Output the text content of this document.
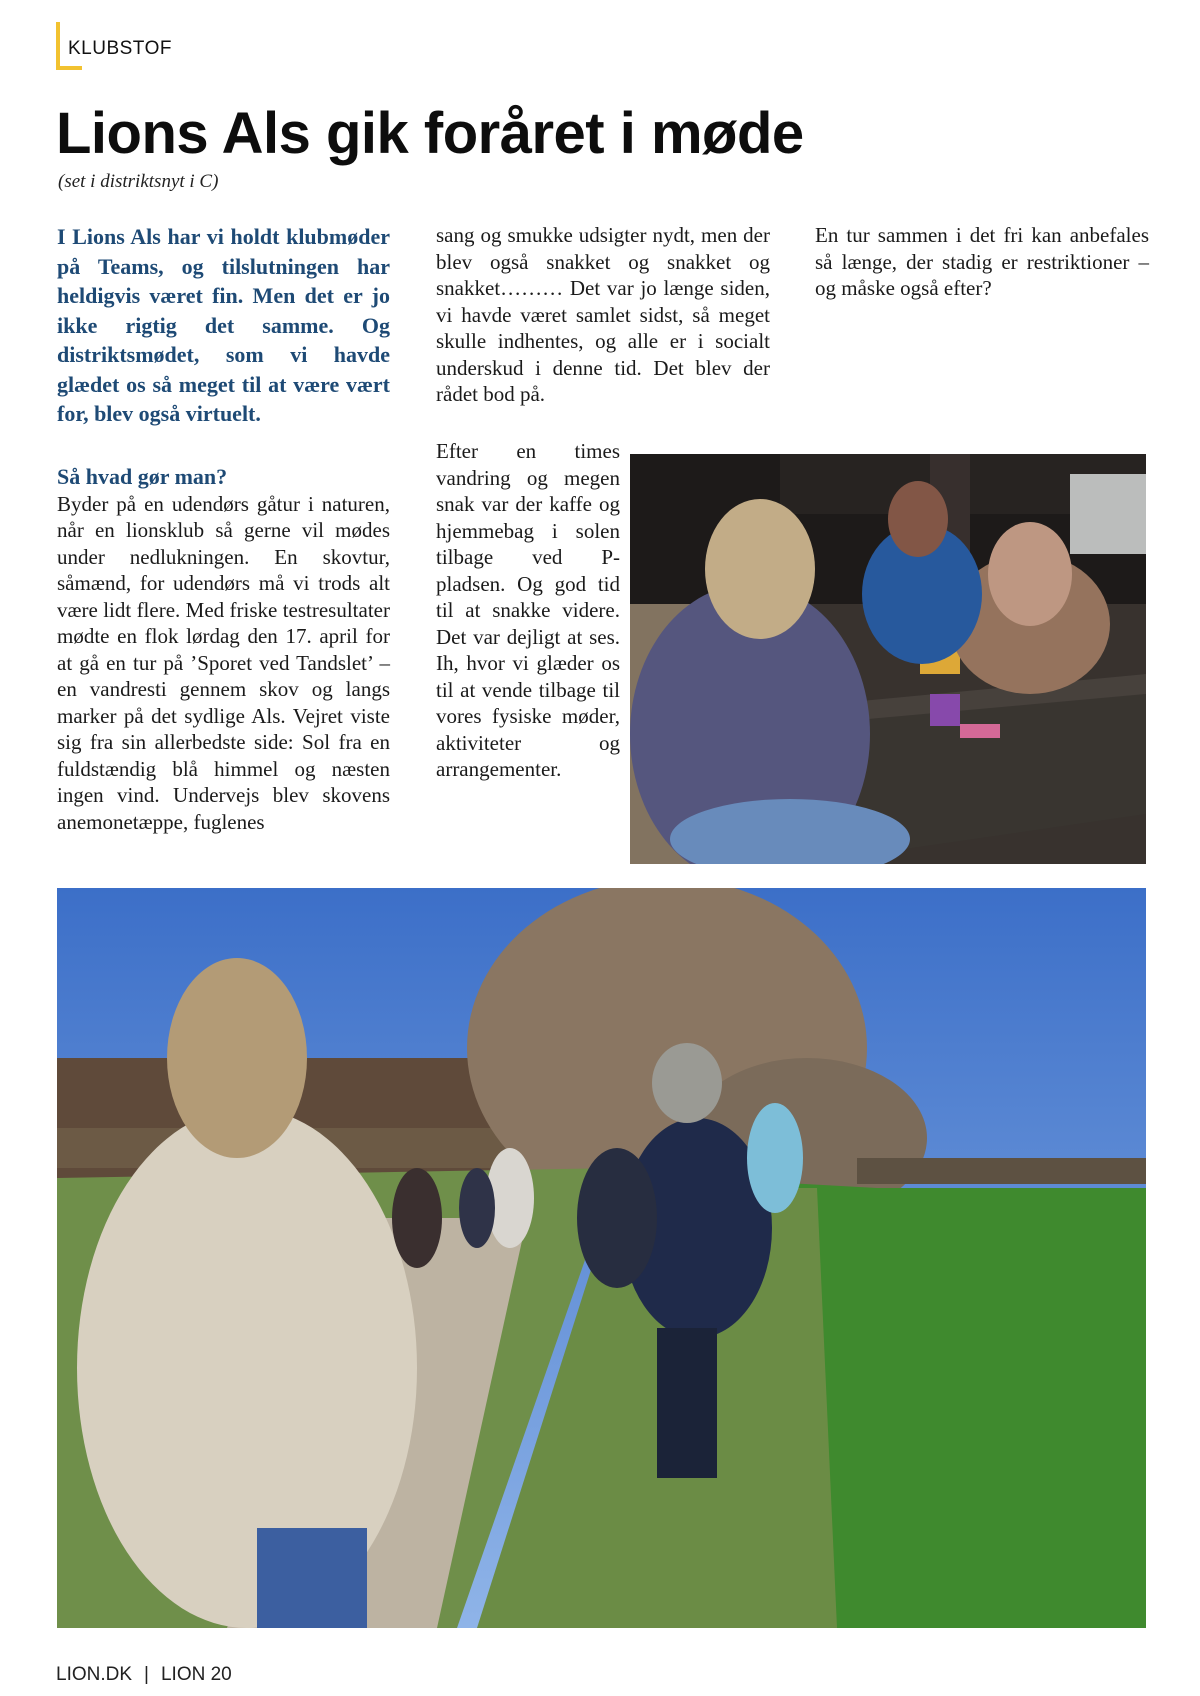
KLUBSTOF
Lions Als gik foråret i møde
(set i distriktsnyt i C)

I Lions Als har vi holdt klubmøder på Teams, og tilslutningen har heldigvis været fin. Men det er jo ikke rigtig det samme. Og distriktsmødet, som vi havde glædet os så meget til at være vært for, blev også virtuelt.

Så hvad gør man?

Byder på en udendørs gåtur i naturen, når en lionsklub så gerne vil mødes under nedlukningen. En skovtur, såmænd, for udendørs må vi trods alt være lidt flere. Med friske testresultater mødte en flok lørdag den 17. april for at gå en tur på ’Sporet ved Tandslet’ – en vandresti gennem skov og langs marker på det sydlige Als. Vejret viste sig fra sin allerbedste side: Sol fra en fuldstændig blå himmel og næsten ingen vind. Undervejs blev skovens anemonetæppe, fuglenes

sang og smukke udsigter nydt, men der blev også snakket og snakket og snakket……… Det var jo længe siden, vi havde været samlet sidst, så meget skulle indhentes, og alle er i socialt underskud i denne tid. Det blev der rådet bod på.

Efter en times vandring og megen snak var der kaffe og hjemmebag i solen tilbage ved P-pladsen. Og god tid til at snakke videre. Det var dejligt at ses. Ih, hvor vi glæder os til at vende tilbage til vores fysiske møder, aktiviteter og arrangementer.

En tur sammen i det fri kan anbefales så længe, der stadig er restriktioner – og måske også efter?

LION.DK | LION 20
